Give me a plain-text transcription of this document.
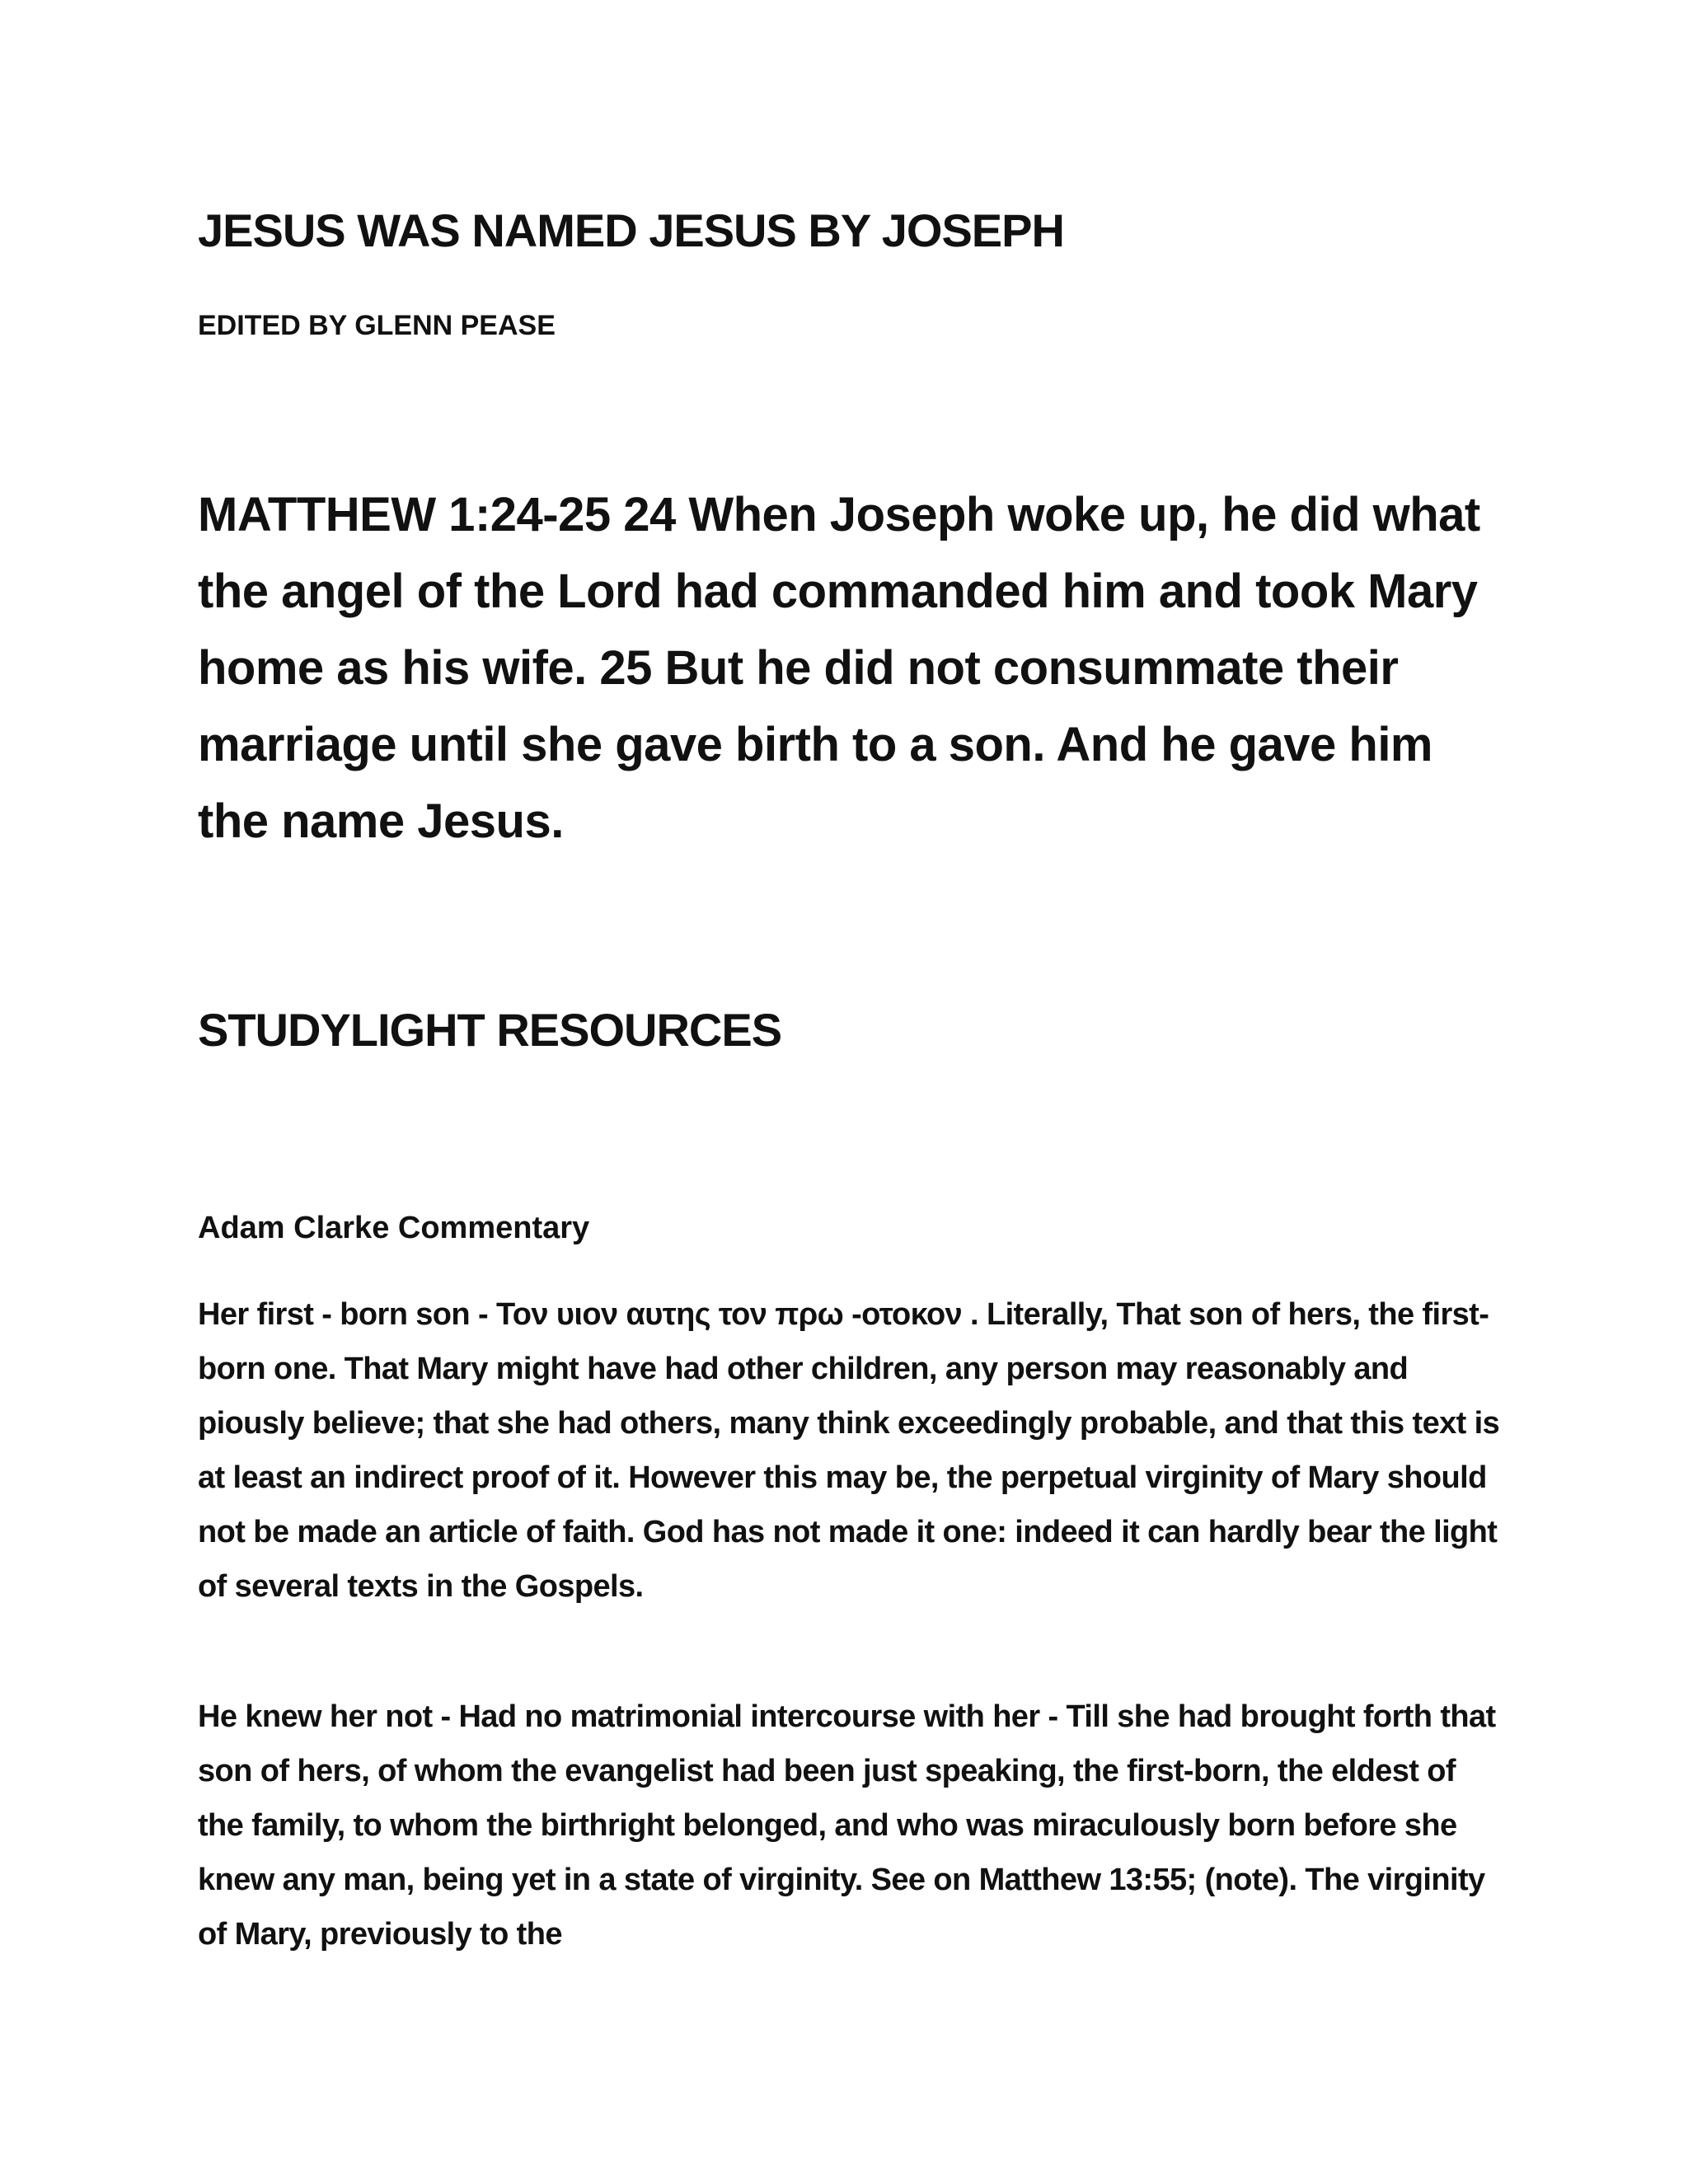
JESUS WAS NAMED JESUS BY JOSEPH

EDITED BY GLENN PEASE

MATTHEW 1:24-25 24 When Joseph woke up, he did what the angel of the Lord had commanded him and took Mary home as his wife. 25 But he did not consummate their marriage until she gave birth to a son. And he gave him the name Jesus.

STUDYLIGHT RESOURCES

Adam Clarke Commentary

Her first - born son - Τον υιον αυτης τον πρω -οτοκον . Literally, That son of hers, the first-born one. That Mary might have had other children, any person may reasonably and piously believe; that she had others, many think exceedingly probable, and that this text is at least an indirect proof of it. However this may be, the perpetual virginity of Mary should not be made an article of faith. God has not made it one: indeed it can hardly bear the light of several texts in the Gospels.

He knew her not - Had no matrimonial intercourse with her - Till she had brought forth that son of hers, of whom the evangelist had been just speaking, the first-born, the eldest of the family, to whom the birthright belonged, and who was miraculously born before she knew any man, being yet in a state of virginity. See on Matthew 13:55; (note). The virginity of Mary, previously to the
